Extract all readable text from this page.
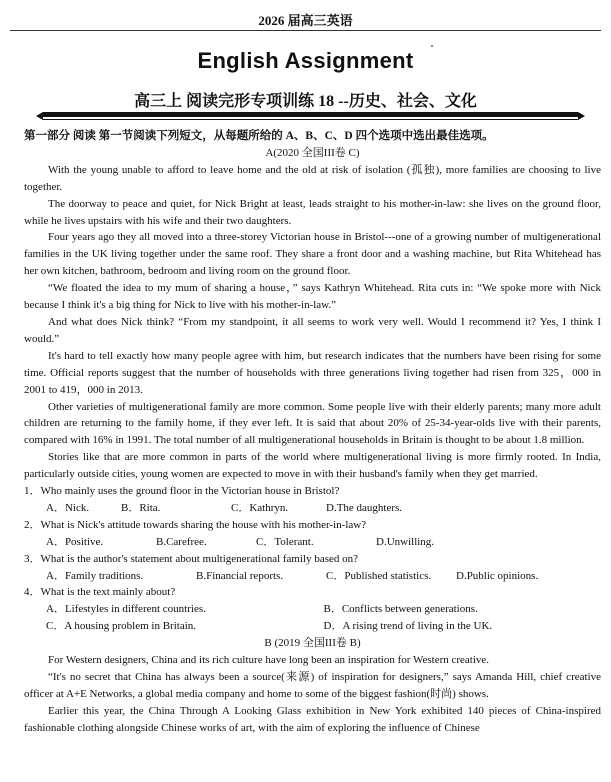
2026 届高三英语
English Assignment
高三上 阅读完形专项训练 18 --历史、社会、文化
第一部分 阅读 第一节阅读下列短文，从每题所给的 A、B、C、D 四个选项中选出最佳选项。
A(2020 全国III卷 C)

With the young unable to afford to leave home and the old at risk of isolation (孤独), more families are choosing to live together.

The doorway to peace and quiet, for Nick Bright at least, leads straight to his mother-in-law: she lives on the ground floor, while he lives upstairs with his wife and their two daughters.

Four years ago they all moved into a three-storey Victorian house in Bristol---one of a growing number of multigenerational families in the UK living together under the same roof. They share a front door and a washing machine, but Rita Whitehead has her own kitchen, bathroom, bedroom and living room on the ground floor.

“We floated the idea to my mum of sharing a house，” says Kathryn Whitehead. Rita cuts in: “We spoke more with Nick because I think it's a big thing for Nick to live with his mother-in-law.”

And what does Nick think? “From my standpoint, it all seems to work very well. Would I recommend it? Yes, I think I would.”

It's hard to tell exactly how many people agree with him, but research indicates that the numbers have been rising for some time. Official reports suggest that the number of households with three generations living together had risen from 325，000 in 2001 to 419，000 in 2013.

Other varieties of multigenerational family are more common. Some people live with their elderly parents; many more adult children are returning to the family home, if they ever left. It is said that about 20% of 25-34-year-olds live with their parents, compared with 16% in 1991. The total number of all multigenerational households in Britain is thought to be about 1.8 million.

Stories like that are more common in parts of the world where multigenerational living is more firmly rooted. In India, particularly outside cities, young women are expected to move in with their husband's family when they get married.

1．Who mainly uses the ground floor in the Victorian house in Bristol?

A．Nick.	B．Rita.	C．Kathryn.	D.The daughters.

2．What is Nick's attitude towards sharing the house with his mother-in-law?

A．Positive.	B.Carefree.	C．Tolerant.	D.Unwilling.

3．What is the author's statement about multigenerational family based on?

A．Family traditions.	B.Financial reports.	C．Published statistics.	D.Public opinions.

4．What is the text mainly about?

A．Lifestyles in different countries.	B．Conflicts between generations.
C．A housing problem in Britain.	D．A rising trend of living in the UK.
B (2019 全国III卷 B)

For Western designers, China and its rich culture have long been an inspiration for Western creative.

“It's no secret that China has always been a source(来源) of inspiration for designers,” says Amanda Hill, chief creative officer at A+E Networks, a global media company and home to some of the biggest fashion(时尚) shows.

Earlier this year, the China Through A Looking Glass exhibition in New York exhibited 140 pieces of China-inspired fashionable clothing alongside Chinese works of art, with the aim of exploring the influence of Chinese
